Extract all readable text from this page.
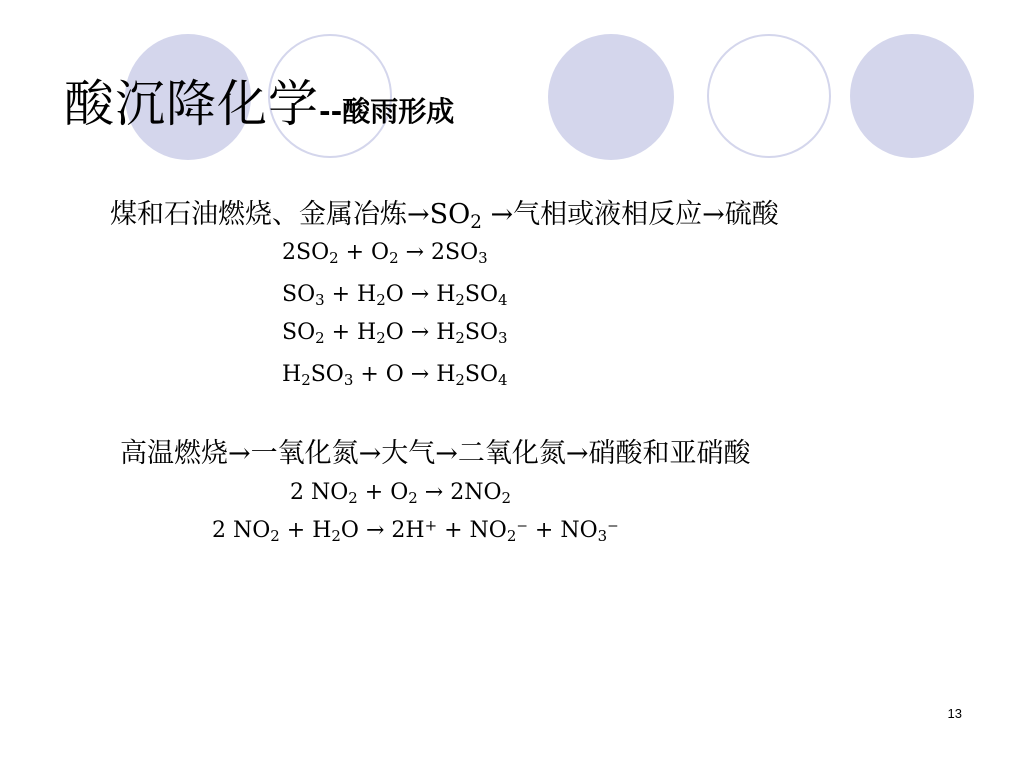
酸沉降化学--酸雨形成
煤和石油燃烧、金属冶炼$\to SO_2$ →气相或液相反应→硫酸
$2SO_2 + O_2 \to 2SO_3$
$SO_3 + H_2O \to H_2SO_4$
$SO_2 + H_2O \to H_2SO_3$
$H_2SO_3 + O \to H_2SO_4$
高温燃烧→一氧化氮→大气→二氧化氮→硝酸和亚硝酸
2 $NO_2 + O_2 \to 2NO_2$
2 $NO_2 + H_2O \to 2H^+ + NO_2^- + NO_3^-$
13
